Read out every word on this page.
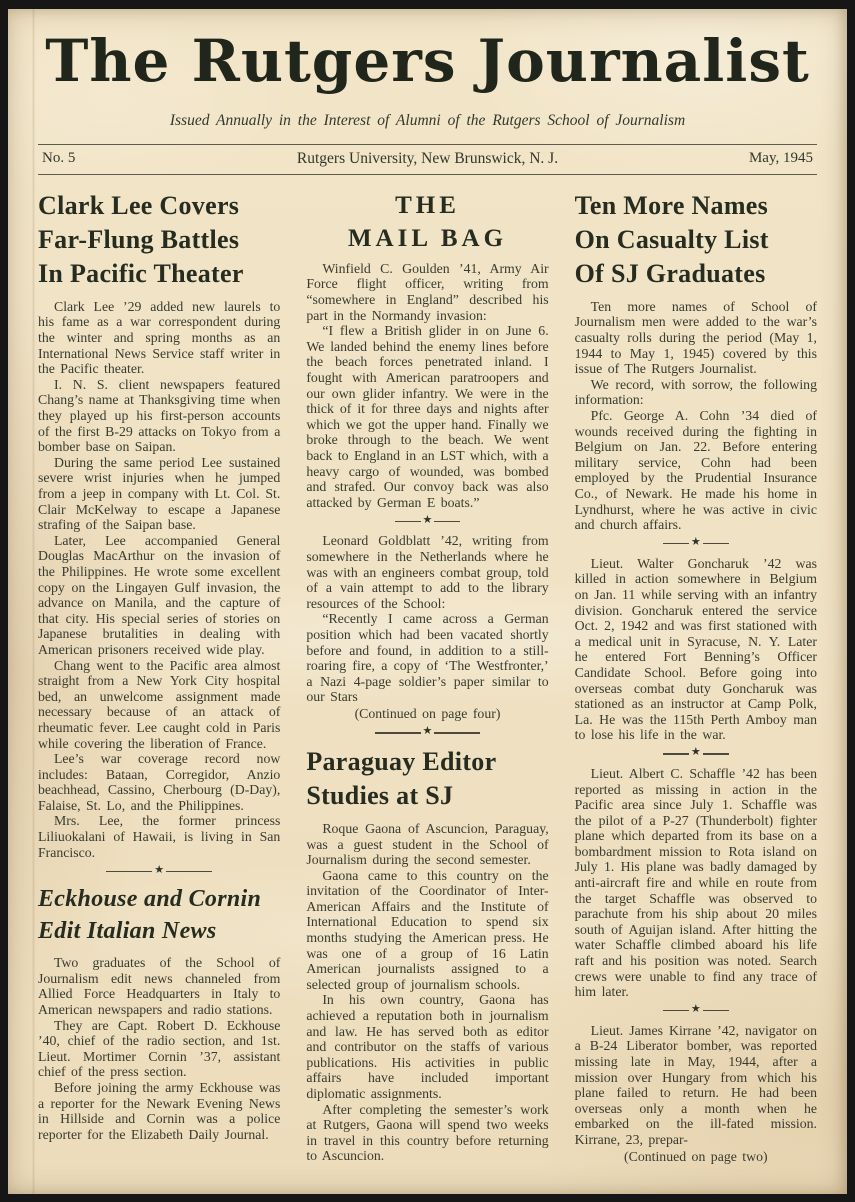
The Rutgers Journalist
Issued Annually in the Interest of Alumni of the Rutgers School of Journalism
No. 5	Rutgers University, New Brunswick, N. J.	May, 1945
Clark Lee Covers
Far-Flung Battles
In Pacific Theater

Clark Lee ’29 added new laurels to his fame as a war correspondent during the winter and spring months as an International News Service staff writer in the Pacific theater.

I. N. S. client newspapers featured Chang’s name at Thanksgiving time when they played up his first-person accounts of the first B-29 attacks on Tokyo from a bomber base on Saipan.

During the same period Lee sustained severe wrist injuries when he jumped from a jeep in company with Lt. Col. St. Clair McKelway to escape a Japanese strafing of the Saipan base.

Later, Lee accompanied General Douglas MacArthur on the invasion of the Philippines. He wrote some excellent copy on the Lingayen Gulf invasion, the advance on Manila, and the capture of that city. His special series of stories on Japanese brutalities in dealing with American prisoners received wide play.

Chang went to the Pacific area almost straight from a New York City hospital bed, an unwelcome assignment made necessary because of an attack of rheumatic fever. Lee caught cold in Paris while covering the liberation of France.

Lee’s war coverage record now includes: Bataan, Corregidor, Anzio beachhead, Cassino, Cherbourg (D-Day), Falaise, St. Lo, and the Philippines.

Mrs. Lee, the former princess Liliuokalani of Hawaii, is living in San Francisco.

★
Eckhouse and Cornin
Edit Italian News

Two graduates of the School of Journalism edit news channeled from Allied Force Headquarters in Italy to American newspapers and radio stations.

They are Capt. Robert D. Eckhouse ’40, chief of the radio section, and 1st. Lieut. Mortimer Cornin ’37, assistant chief of the press section.

Before joining the army Eckhouse was a reporter for the Newark Evening News in Hillside and Cornin was a police reporter for the Elizabeth Daily Journal.

THE
MAIL BAG

Winfield C. Goulden ’41, Army Air Force flight officer, writing from “somewhere in England” described his part in the Normandy invasion:

“I flew a British glider in on June 6. We landed behind the enemy lines before the beach forces penetrated inland. I fought with American paratroopers and our own glider infantry. We were in the thick of it for three days and nights after which we got the upper hand. Finally we broke through to the beach. We went back to England in an LST which, with a heavy cargo of wounded, was bombed and strafed. Our convoy back was also attacked by German E boats.”

★

Leonard Goldblatt ’42, writing from somewhere in the Netherlands where he was with an engineers combat group, told of a vain attempt to add to the library resources of the School:

“Recently I came across a German position which had been vacated shortly before and found, in addition to a still-roaring fire, a copy of ‘The Westfronter,’ a Nazi 4-page soldier’s paper similar to our Stars

(Continued on page four)

★
Paraguay Editor
Studies at SJ

Roque Gaona of Ascuncion, Paraguay, was a guest student in the School of Journalism during the second semester.

Gaona came to this country on the invitation of the Coordinator of Inter-American Affairs and the Institute of International Education to spend six months studying the American press. He was one of a group of 16 Latin American journalists assigned to a selected group of journalism schools.

In his own country, Gaona has achieved a reputation both in journalism and law. He has served both as editor and contributor on the staffs of various publications. His activities in public affairs have included important diplomatic assignments.

After completing the semester’s work at Rutgers, Gaona will spend two weeks in travel in this country before returning to Ascuncion.

Ten More Names
On Casualty List
Of SJ Graduates

Ten more names of School of Journalism men were added to the war’s casualty rolls during the period (May 1, 1944 to May 1, 1945) covered by this issue of The Rutgers Journalist.

We record, with sorrow, the following information:

Pfc. George A. Cohn ’34 died of wounds received during the fighting in Belgium on Jan. 22. Before entering military service, Cohn had been employed by the Prudential Insurance Co., of Newark. He made his home in Lyndhurst, where he was active in civic and church affairs.

★

Lieut. Walter Goncharuk ’42 was killed in action somewhere in Belgium on Jan. 11 while serving with an infantry division. Goncharuk entered the service Oct. 2, 1942 and was first stationed with a medical unit in Syracuse, N. Y. Later he entered Fort Benning’s Officer Candidate School. Before going into overseas combat duty Goncharuk was stationed as an instructor at Camp Polk, La. He was the 115th Perth Amboy man to lose his life in the war.

★

Lieut. Albert C. Schaffle ’42 has been reported as missing in action in the Pacific area since July 1. Schaffle was the pilot of a P-27 (Thunderbolt) fighter plane which departed from its base on a bombardment mission to Rota island on July 1. His plane was badly damaged by anti-aircraft fire and while en route from the target Schaffle was observed to parachute from his ship about 20 miles south of Aguijan island. After hitting the water Schaffle climbed aboard his life raft and his position was noted. Search crews were unable to find any trace of him later.

★

Lieut. James Kirrane ’42, navigator on a B-24 Liberator bomber, was reported missing late in May, 1944, after a mission over Hungary from which his plane failed to return. He had been overseas only a month when he embarked on the ill-fated mission. Kirrane, 23, prepar-

(Continued on page two)
